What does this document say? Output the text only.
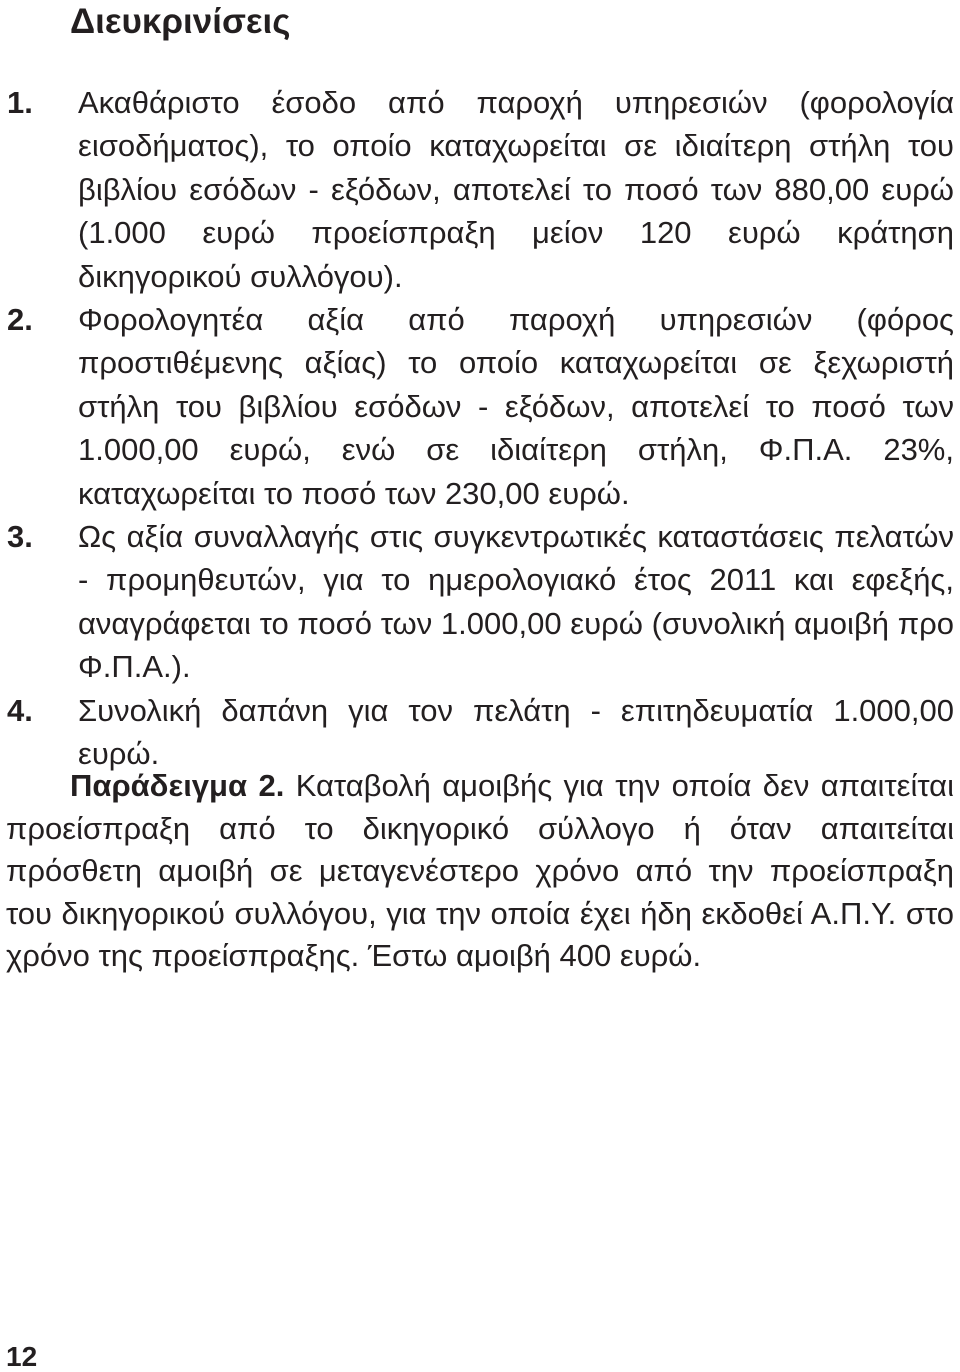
Διευκρινίσεις
1. Ακαθάριστο έσοδο από παροχή υπηρεσιών (φορολογία εισοδήματος), το οποίο καταχωρείται σε ιδιαίτερη στήλη του βιβλίου εσόδων - εξόδων, αποτελεί το ποσό των 880,00 ευρώ (1.000 ευρώ προείσπραξη μείον 120 ευρώ κράτηση δικηγορικού συλλόγου).
2. Φορολογητέα αξία από παροχή υπηρεσιών (φόρος προστιθέμενης αξίας) το οποίο καταχωρείται σε ξεχωριστή στήλη του βιβλίου εσόδων - εξόδων, αποτελεί το ποσό των 1.000,00 ευρώ, ενώ σε ιδιαίτερη στήλη, Φ.Π.Α. 23%, καταχωρείται το ποσό των 230,00 ευρώ.
3. Ως αξία συναλλαγής στις συγκεντρωτικές καταστάσεις πελατών - προμηθευτών, για το ημερολογιακό έτος 2011 και εφεξής, αναγράφεται το ποσό των 1.000,00 ευρώ (συνολική αμοιβή προ Φ.Π.Α.).
4. Συνολική δαπάνη για τον πελάτη - επιτηδευματία 1.000,00 ευρώ.

Παράδειγμα 2. Καταβολή αμοιβής για την οποία δεν απαιτείται προείσπραξη από το δικηγορικό σύλλογο ή όταν απαιτείται πρόσθετη αμοιβή σε μεταγενέστερο χρόνο από την προείσπραξη του δικηγορικού συλλόγου, για την οποία έχει ήδη εκδοθεί Α.Π.Υ. στο χρόνο της προείσπραξης. Έστω αμοιβή 400 ευρώ.

12
